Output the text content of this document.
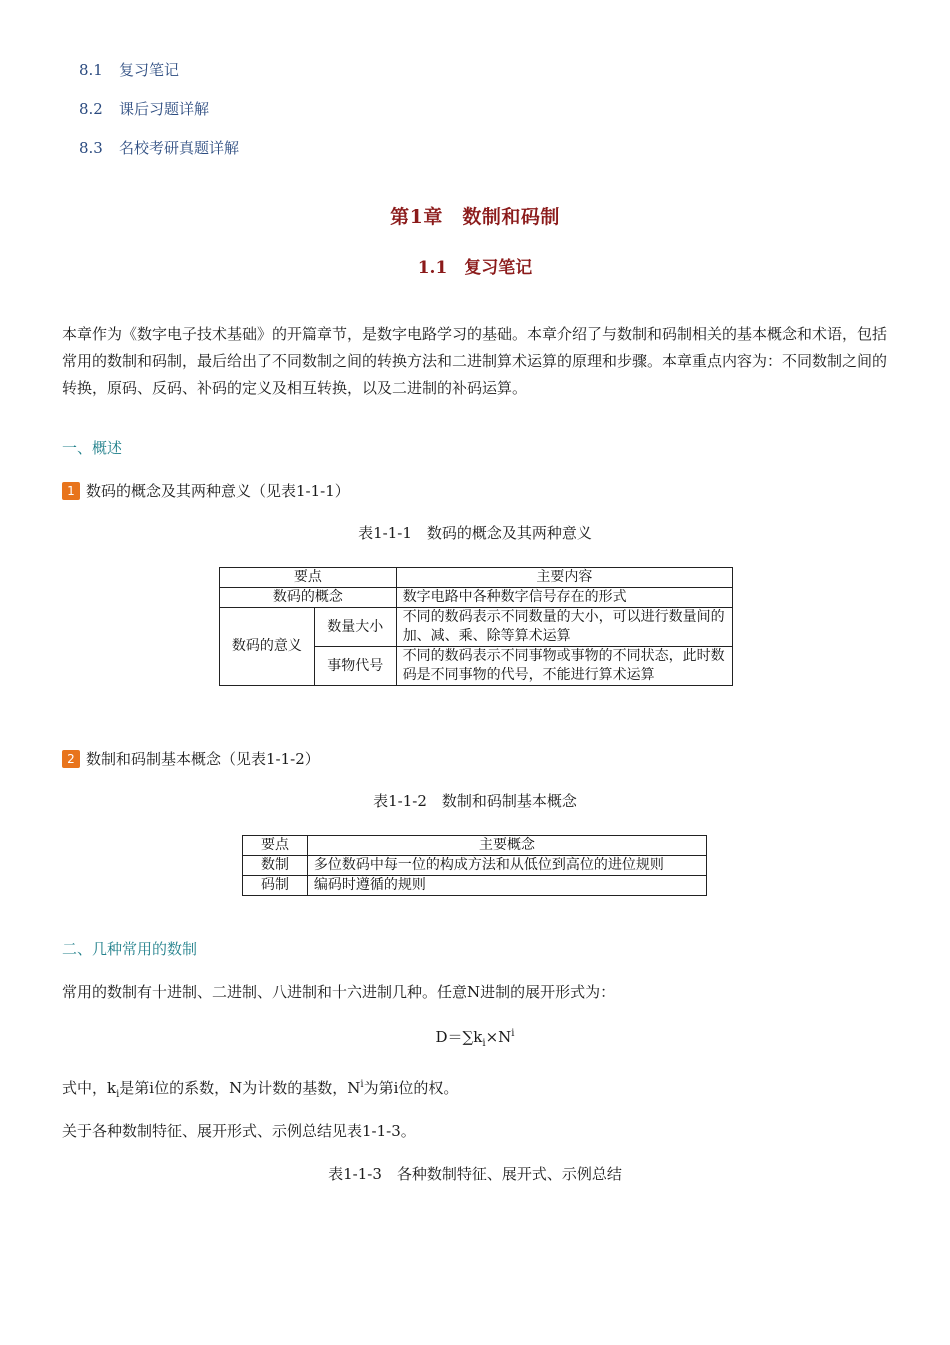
8.1 复习笔记
8.2 课后习题详解
8.3 名校考研真题详解
第1章　数制和码制
1.1　复习笔记
本章作为《数字电子技术基础》的开篇章节，是数字电路学习的基础。本章介绍了与数制和码制相关的基本概念和术语，包括常用的数制和码制，最后给出了不同数制之间的转换方法和二进制算术运算的原理和步骤。本章重点内容为：不同数制之间的转换，原码、反码、补码的定义及相互转换，以及二进制的补码运算。
一、概述
1 数码的概念及其两种意义（见表1-1-1）
表1-1-1　数码的概念及其两种意义
要点		主要内容
数码的概念		数字电路中各种数字信号存在的形式
数码的意义	数量大小	不同的数码表示不同数量的大小，可以进行数量间的加、减、乘、除等算术运算
	事物代号	不同的数码表示不同事物或事物的不同状态，此时数码是不同事物的代号，不能进行算术运算
2 数制和码制基本概念（见表1-1-2）
表1-1-2　数制和码制基本概念
要点	主要概念
数制	多位数码中每一位的构成方法和从低位到高位的进位规则
码制	编码时遵循的规则
二、几种常用的数制
常用的数制有十进制、二进制、八进制和十六进制几种。任意N进制的展开形式为：
$D=\sum k_i\times N^i$
式中，$k_i$是第i位的系数，N为计数的基数，$N^i$为第i位的权。
关于各种数制特征、展开形式、示例总结见表1-1-3。
表1-1-3　各种数制特征、展开式、示例总结
